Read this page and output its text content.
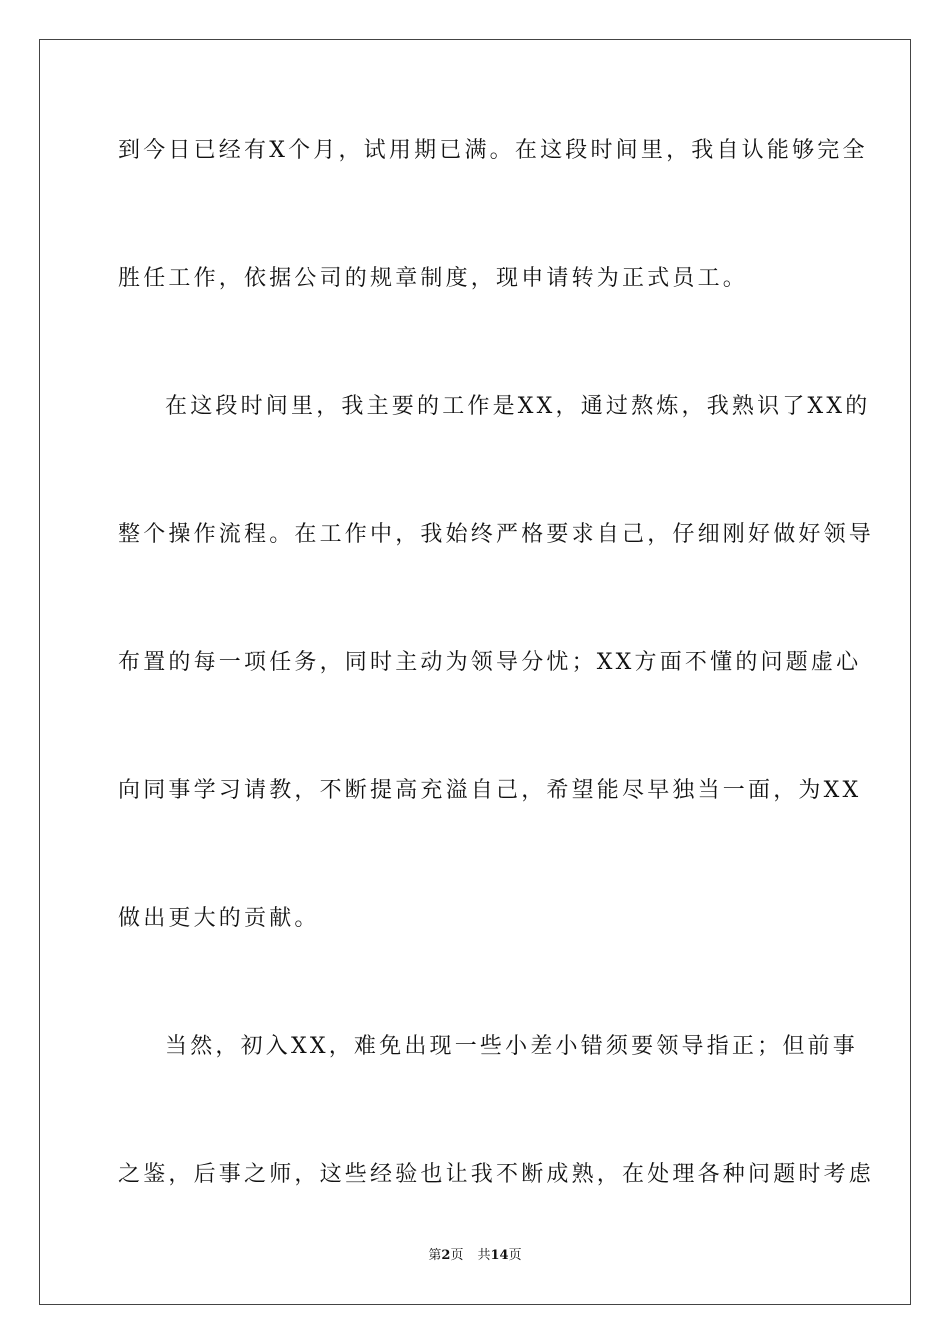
到今日已经有X个月，试用期已满。在这段时间里，我自认能够完全
胜任工作，依据公司的规章制度，现申请转为正式员工。
在这段时间里，我主要的工作是XX，通过熬炼，我熟识了XX的
整个操作流程。在工作中，我始终严格要求自己，仔细刚好做好领导
布置的每一项任务，同时主动为领导分忧；XX方面不懂的问题虚心
向同事学习请教，不断提高充溢自己，希望能尽早独当一面，为XX
做出更大的贡献。
当然，初入XX，难免出现一些小差小错须要领导指正；但前事
之鉴，后事之师，这些经验也让我不断成熟，在处理各种问题时考虑
第2页 共14页
